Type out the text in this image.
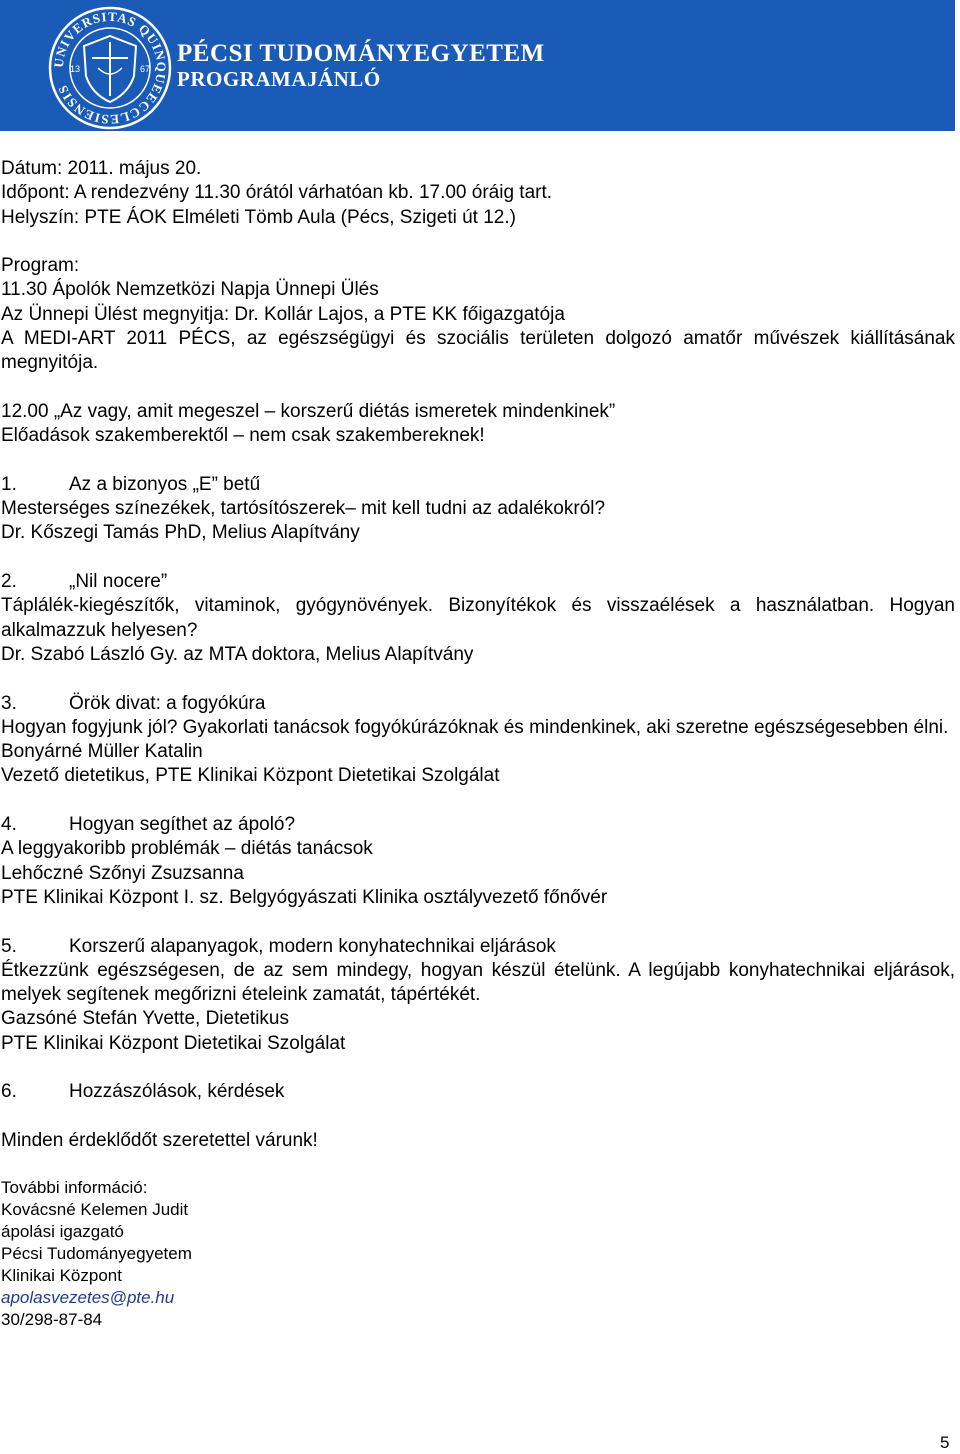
UNIVERSITAS QUINQUEECCLESIENSIS
13	67
PÉCSI TUDOMÁNYEGYETEM
PROGRAMAJÁNLÓ

Dátum: 2011. május 20.

Időpont: A rendezvény 11.30 órától várhatóan kb. 17.00 óráig tart.

Helyszín: PTE ÁOK Elméleti Tömb Aula (Pécs, Szigeti út 12.)

Program:

11.30 Ápolók Nemzetközi Napja Ünnepi Ülés

Az Ünnepi Ülést megnyitja: Dr. Kollár Lajos, a PTE KK főigazgatója

A MEDI-ART 2011 PÉCS, az egészségügyi és szociális területen dolgozó amatőr művészek kiállításának megnyitója.

12.00 „Az vagy, amit megeszel – korszerű diétás ismeretek mindenkinek”

Előadások szakemberektől – nem csak szakembereknek!

1.	Az a bizonyos „E” betű

Mesterséges színezékek, tartósítószerek– mit kell tudni az adalékokról?

Dr. Kőszegi Tamás PhD, Melius Alapítvány

2.	„Nil nocere”

Táplálék-kiegészítők, vitaminok, gyógynövények. Bizonyítékok és visszaélések a használatban. Hogyan alkalmazzuk helyesen?

Dr. Szabó László Gy. az MTA doktora, Melius Alapítvány

3.	Örök divat: a fogyókúra

Hogyan fogyjunk jól? Gyakorlati tanácsok fogyókúrázóknak és mindenkinek, aki szeretne egészségesebben élni.

Bonyárné Müller Katalin

Vezető dietetikus, PTE Klinikai Központ Dietetikai Szolgálat

4.	Hogyan segíthet az ápoló?

A leggyakoribb problémák – diétás tanácsok

Lehőczné Szőnyi Zsuzsanna

PTE Klinikai Központ I. sz. Belgyógyászati Klinika osztályvezető főnővér

5.	Korszerű alapanyagok, modern konyhatechnikai eljárások

Étkezzünk egészségesen, de az sem mindegy, hogyan készül ételünk. A legújabb konyhatechnikai eljárások, melyek segítenek megőrizni ételeink zamatát, tápértékét.

Gazsóné Stefán Yvette, Dietetikus

PTE Klinikai Központ Dietetikai Szolgálat

6.	Hozzászólások, kérdések

Minden érdeklődőt szeretettel várunk!

További információ:

Kovácsné Kelemen Judit

ápolási igazgató

Pécsi Tudományegyetem

Klinikai Központ

apolasvezetes@pte.hu

30/298-87-84

5
